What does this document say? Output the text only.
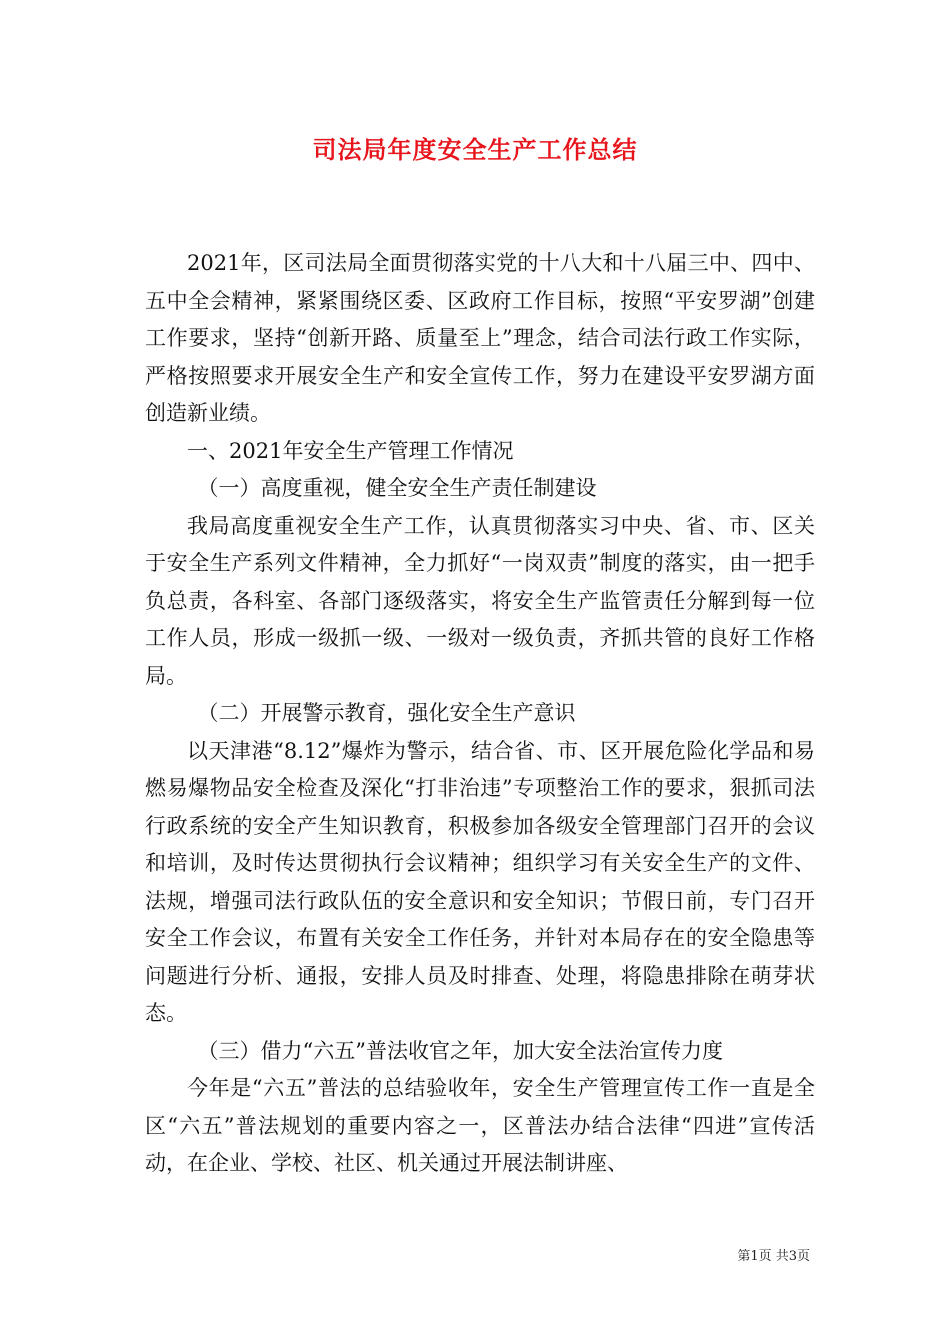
司法局年度安全生产工作总结

2021年，区司法局全面贯彻落实党的十八大和十八届三中、四中、五中全会精神，紧紧围绕区委、区政府工作目标，按照“平安罗湖”创建工作要求，坚持“创新开路、质量至上”理念，结合司法行政工作实际，严格按照要求开展安全生产和安全宣传工作，努力在建设平安罗湖方面创造新业绩。

一、2021年安全生产管理工作情况

（一）高度重视，健全安全生产责任制建设

我局高度重视安全生产工作，认真贯彻落实习中央、省、市、区关于安全生产系列文件精神，全力抓好“一岗双责”制度的落实，由一把手负总责，各科室、各部门逐级落实，将安全生产监管责任分解到每一位工作人员，形成一级抓一级、一级对一级负责，齐抓共管的良好工作格局。

（二）开展警示教育，强化安全生产意识

以天津港“8.12”爆炸为警示，结合省、市、区开展危险化学品和易燃易爆物品安全检查及深化“打非治违”专项整治工作的要求，狠抓司法行政系统的安全产生知识教育，积极参加各级安全管理部门召开的会议和培训，及时传达贯彻执行会议精神；组织学习有关安全生产的文件、法规，增强司法行政队伍的安全意识和安全知识；节假日前，专门召开安全工作会议，布置有关安全工作任务，并针对本局存在的安全隐患等问题进行分析、通报，安排人员及时排查、处理，将隐患排除在萌芽状态。

（三）借力“六五”普法收官之年，加大安全法治宣传力度

今年是“六五”普法的总结验收年，安全生产管理宣传工作一直是全区“六五”普法规划的重要内容之一，区普法办结合法律“四进”宣传活动，在企业、学校、社区、机关通过开展法制讲座、

第1页 共3页
